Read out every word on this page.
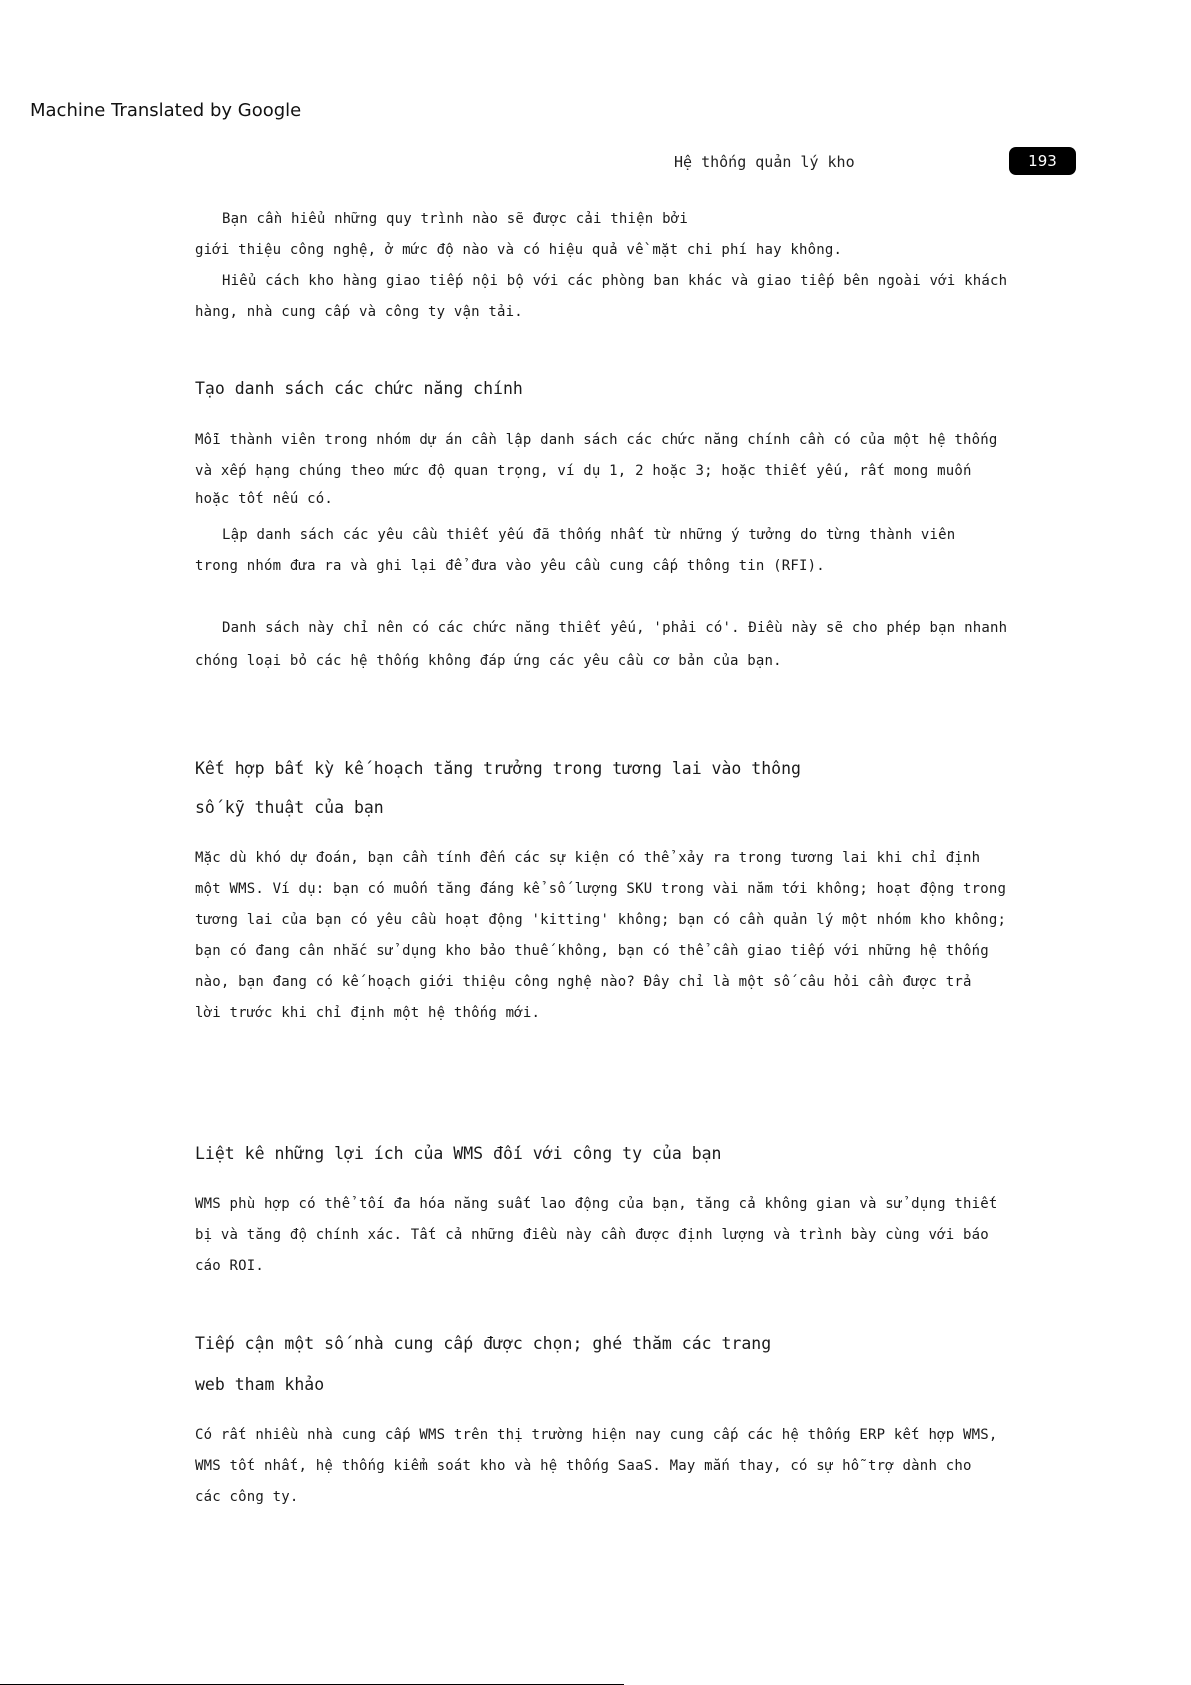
Machine Translated by Google
Hệ thống quản lý kho	193
Bạn cần hiểu những quy trình nào sẽ được cải thiện bởi
giới thiệu công nghệ, ở mức độ nào và có hiệu quả về mặt chi phí hay không.
Hiểu cách kho hàng giao tiếp nội bộ với các phòng ban khác và giao tiếp bên ngoài với khách
hàng, nhà cung cấp và công ty vận tải.
Tạo danh sách các chức năng chính
Mỗi thành viên trong nhóm dự án cần lập danh sách các chức năng chính cần có của một hệ thống
và xếp hạng chúng theo mức độ quan trọng, ví dụ 1, 2 hoặc 3; hoặc thiết yếu, rất mong muốn
hoặc tốt nếu có.
Lập danh sách các yêu cầu thiết yếu đã thống nhất từ những ý tưởng do từng thành viên
trong nhóm đưa ra và ghi lại để đưa vào yêu cầu cung cấp thông tin (RFI).
Danh sách này chỉ nên có các chức năng thiết yếu, 'phải có'. Điều này sẽ cho phép bạn nhanh
chóng loại bỏ các hệ thống không đáp ứng các yêu cầu cơ bản của bạn.
Kết hợp bất kỳ kế hoạch tăng trưởng trong tương lai vào thông
số kỹ thuật của bạn
Mặc dù khó dự đoán, bạn cần tính đến các sự kiện có thể xảy ra trong tương lai khi chỉ định
một WMS. Ví dụ: bạn có muốn tăng đáng kể số lượng SKU trong vài năm tới không; hoạt động trong
tương lai của bạn có yêu cầu hoạt động 'kitting' không; bạn có cần quản lý một nhóm kho không;
bạn có đang cân nhắc sử dụng kho bảo thuế không, bạn có thể cần giao tiếp với những hệ thống
nào, bạn đang có kế hoạch giới thiệu công nghệ nào? Đây chỉ là một số câu hỏi cần được trả
lời trước khi chỉ định một hệ thống mới.
Liệt kê những lợi ích của WMS đối với công ty của bạn
WMS phù hợp có thể tối đa hóa năng suất lao động của bạn, tăng cả không gian và sử dụng thiết
bị và tăng độ chính xác. Tất cả những điều này cần được định lượng và trình bày cùng với báo
cáo ROI.
Tiếp cận một số nhà cung cấp được chọn; ghé thăm các trang
web tham khảo
Có rất nhiều nhà cung cấp WMS trên thị trường hiện nay cung cấp các hệ thống ERP kết hợp WMS,
WMS tốt nhất, hệ thống kiểm soát kho và hệ thống SaaS. May mắn thay, có sự hỗ trợ dành cho
các công ty.
